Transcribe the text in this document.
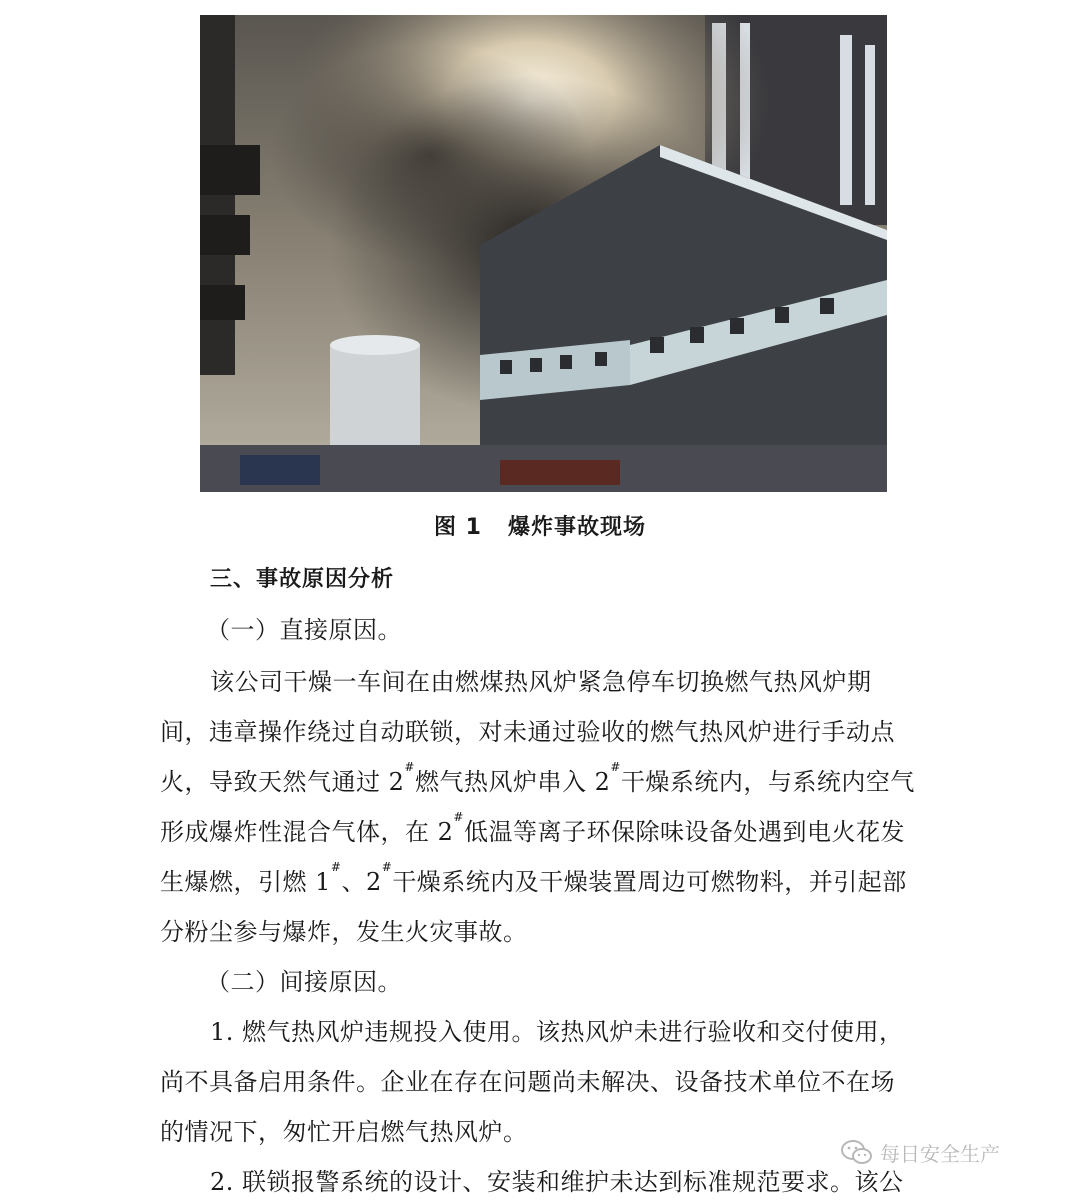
图 1 爆炸事故现场
三、事故原因分析
（一）直接原因。
该公司干燥一车间在由燃煤热风炉紧急停车切换燃气热风炉期
间，违章操作绕过自动联锁，对未通过验收的燃气热风炉进行手动点
火，导致天然气通过 2#燃气热风炉串入 2#干燥系统内，与系统内空气
形成爆炸性混合气体，在 2#低温等离子环保除味设备处遇到电火花发
生爆燃，引燃 1#、2#干燥系统内及干燥装置周边可燃物料，并引起部
分粉尘参与爆炸，发生火灾事故。
（二）间接原因。
1. 燃气热风炉违规投入使用。该热风炉未进行验收和交付使用，
尚不具备启用条件。企业在存在问题尚未解决、设备技术单位不在场
的情况下，匆忙开启燃气热风炉。
2. 联锁报警系统的设计、安装和维护未达到标准规范要求。该公
每日安全生产
